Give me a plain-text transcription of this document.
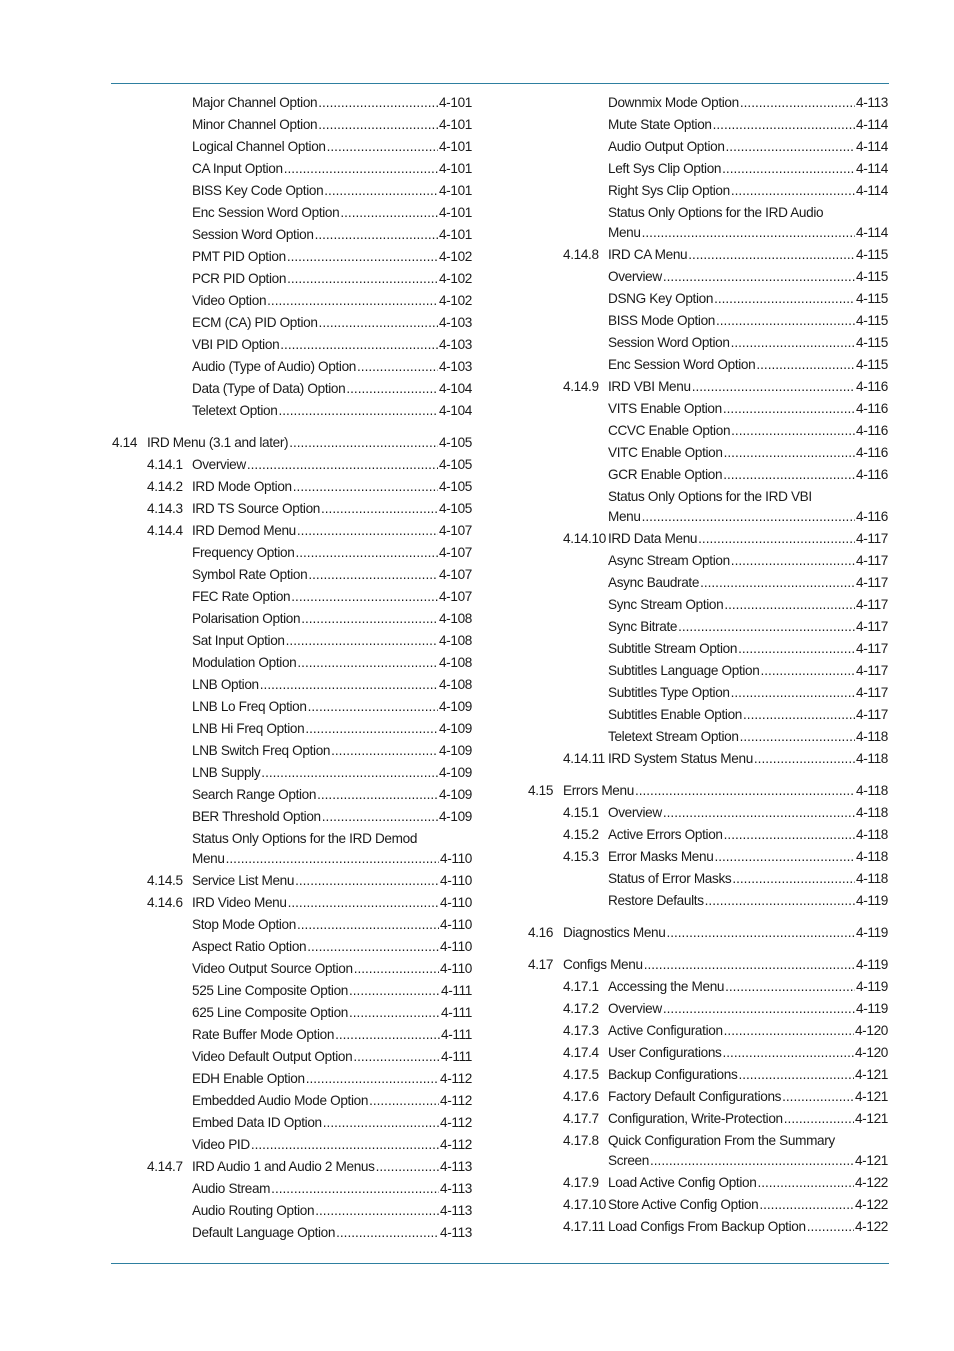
Major Channel Option .....	4-101
Minor Channel Option .....	4-101
Logical Channel Option .....	4-101
CA Input Option .....	4-101
BISS Key Code Option .....	4-101
Enc Session Word Option .....	4-101
Session Word Option .....	4-101
PMT PID Option .....	4-102
PCR PID Option .....	4-102
Video Option .....	4-102
ECM (CA) PID Option .....	4-103
VBI PID Option .....	4-103
Audio (Type of Audio) Option .....	4-103
Data (Type of Data) Option .....	4-104
Teletext Option .....	4-104
4.14 IRD Menu (3.1 and later) .....	4-105
4.14.1 Overview .....	4-105
4.14.2 IRD Mode Option .....	4-105
4.14.3 IRD TS Source Option .....	4-105
4.14.4 IRD Demod Menu .....	4-107
Frequency Option .....	4-107
Symbol Rate Option .....	4-107
FEC Rate Option .....	4-107
Polarisation Option .....	4-108
Sat Input Option .....	4-108
Modulation Option .....	4-108
LNB Option .....	4-108
LNB Lo Freq Option .....	4-109
LNB Hi Freq Option .....	4-109
LNB Switch Freq Option .....	4-109
LNB Supply .....	4-109
Search Range Option .....	4-109
BER Threshold Option .....	4-109
Status Only Options for the IRD Demod
Menu .....	4-110
4.14.5 Service List Menu .....	4-110
4.14.6 IRD Video Menu .....	4-110
Stop Mode Option .....	4-110
Aspect Ratio Option .....	4-110
Video Output Source Option .....	4-110
525 Line Composite Option .....	4-111
625 Line Composite Option .....	4-111
Rate Buffer Mode Option .....	4-111
Video Default Output Option .....	4-111
EDH Enable Option .....	4-112
Embedded Audio Mode Option .....	4-112
Embed Data ID Option .....	4-112
Video PID .....	4-112
4.14.7 IRD Audio 1 and Audio 2 Menus .....	4-113
Audio Stream .....	4-113
Audio Routing Option .....	4-113
Default Language Option .....	4-113
Downmix Mode Option .....	4-113
Mute State Option .....	4-114
Audio Output Option .....	4-114
Left Sys Clip Option .....	4-114
Right Sys Clip Option .....	4-114
Status Only Options for the IRD Audio
Menu .....	4-114
4.14.8 IRD CA Menu .....	4-115
Overview .....	4-115
DSNG Key Option .....	4-115
BISS Mode Option .....	4-115
Session Word Option .....	4-115
Enc Session Word Option .....	4-115
4.14.9 IRD VBI Menu .....	4-116
VITS Enable Option .....	4-116
CCVC Enable Option .....	4-116
VITC Enable Option .....	4-116
GCR Enable Option .....	4-116
Status Only Options for the IRD VBI
Menu .....	4-116
4.14.10 IRD Data Menu .....	4-117
Async Stream Option .....	4-117
Async Baudrate .....	4-117
Sync Stream Option .....	4-117
Sync Bitrate .....	4-117
Subtitle Stream Option .....	4-117
Subtitles Language Option .....	4-117
Subtitles Type Option .....	4-117
Subtitles Enable Option .....	4-117
Teletext Stream Option .....	4-118
4.14.11 IRD System Status Menu .....	4-118
4.15 Errors Menu .....	4-118
4.15.1 Overview .....	4-118
4.15.2 Active Errors Option .....	4-118
4.15.3 Error Masks Menu .....	4-118
Status of Error Masks .....	4-118
Restore Defaults .....	4-119
4.16 Diagnostics Menu .....	4-119
4.17 Configs Menu .....	4-119
4.17.1 Accessing the Menu .....	4-119
4.17.2 Overview .....	4-119
4.17.3 Active Configuration .....	4-120
4.17.4 User Configurations .....	4-120
4.17.5 Backup Configurations .....	4-121
4.17.6 Factory Default Configurations .....	4-121
4.17.7 Configuration, Write-Protection .....	4-121
4.17.8 Quick Configuration From the Summary
Screen .....	4-121
4.17.9 Load Active Config Option .....	4-122
4.17.10 Store Active Config Option .....	4-122
4.17.11 Load Configs From Backup Option .....	4-122
